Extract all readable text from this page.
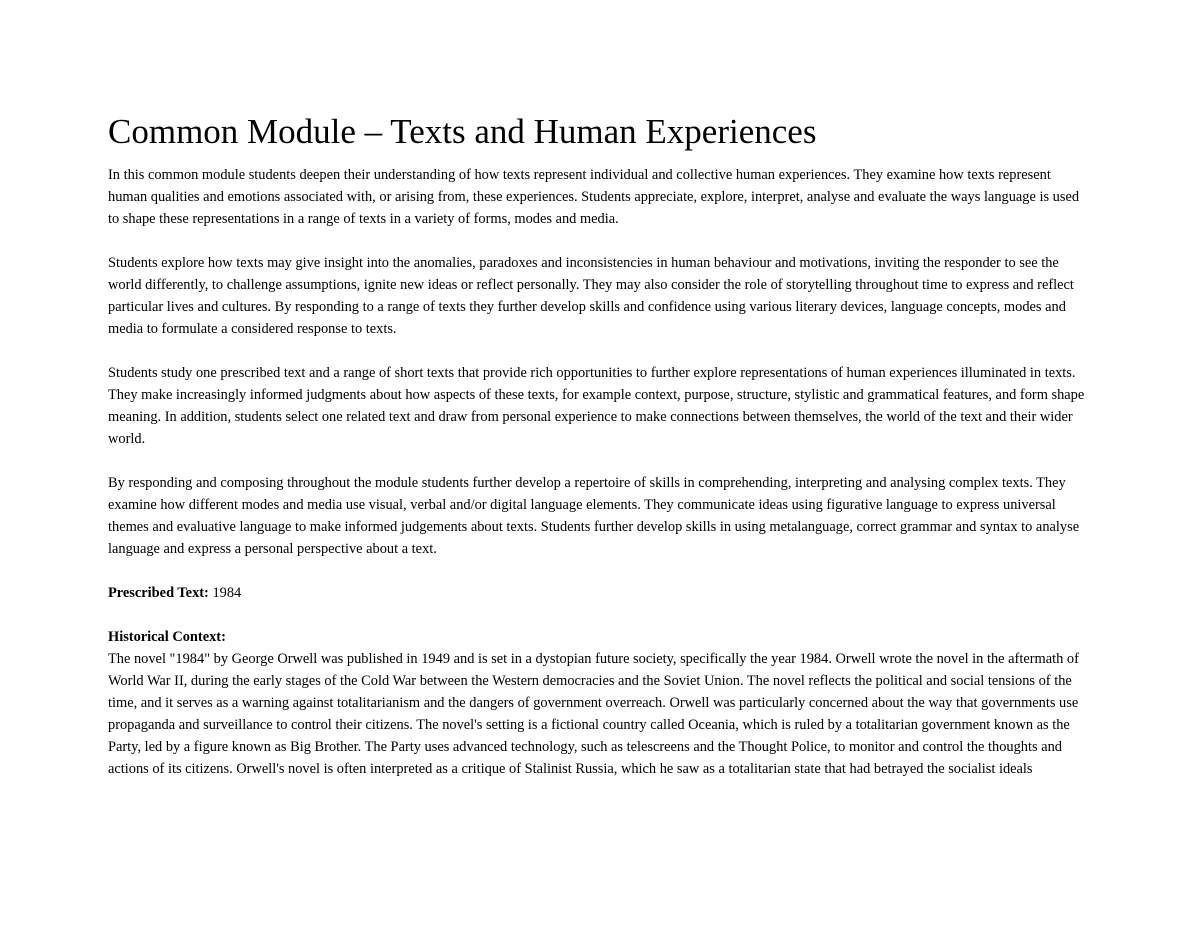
Common Module – Texts and Human Experiences

In this common module students deepen their understanding of how texts represent individual and collective human experiences. They examine how texts represent human qualities and emotions associated with, or arising from, these experiences. Students appreciate, explore, interpret, analyse and evaluate the ways language is used to shape these representations in a range of texts in a variety of forms, modes and media.

Students explore how texts may give insight into the anomalies, paradoxes and inconsistencies in human behaviour and motivations, inviting the responder to see the world differently, to challenge assumptions, ignite new ideas or reflect personally. They may also consider the role of storytelling throughout time to express and reflect particular lives and cultures. By responding to a range of texts they further develop skills and confidence using various literary devices, language concepts, modes and media to formulate a considered response to texts.

Students study one prescribed text and a range of short texts that provide rich opportunities to further explore representations of human experiences illuminated in texts. They make increasingly informed judgments about how aspects of these texts, for example context, purpose, structure, stylistic and grammatical features, and form shape meaning. In addition, students select one related text and draw from personal experience to make connections between themselves, the world of the text and their wider world.

By responding and composing throughout the module students further develop a repertoire of skills in comprehending, interpreting and analysing complex texts. They examine how different modes and media use visual, verbal and/or digital language elements. They communicate ideas using figurative language to express universal themes and evaluative language to make informed judgements about texts. Students further develop skills in using metalanguage, correct grammar and syntax to analyse language and express a personal perspective about a text.

Prescribed Text: 1984

Historical Context:

The novel "1984" by George Orwell was published in 1949 and is set in a dystopian future society, specifically the year 1984. Orwell wrote the novel in the aftermath of World War II, during the early stages of the Cold War between the Western democracies and the Soviet Union. The novel reflects the political and social tensions of the time, and it serves as a warning against totalitarianism and the dangers of government overreach. Orwell was particularly concerned about the way that governments use propaganda and surveillance to control their citizens. The novel's setting is a fictional country called Oceania, which is ruled by a totalitarian government known as the Party, led by a figure known as Big Brother. The Party uses advanced technology, such as telescreens and the Thought Police, to monitor and control the thoughts and actions of its citizens. Orwell's novel is often interpreted as a critique of Stalinist Russia, which he saw as a totalitarian state that had betrayed the socialist ideals
